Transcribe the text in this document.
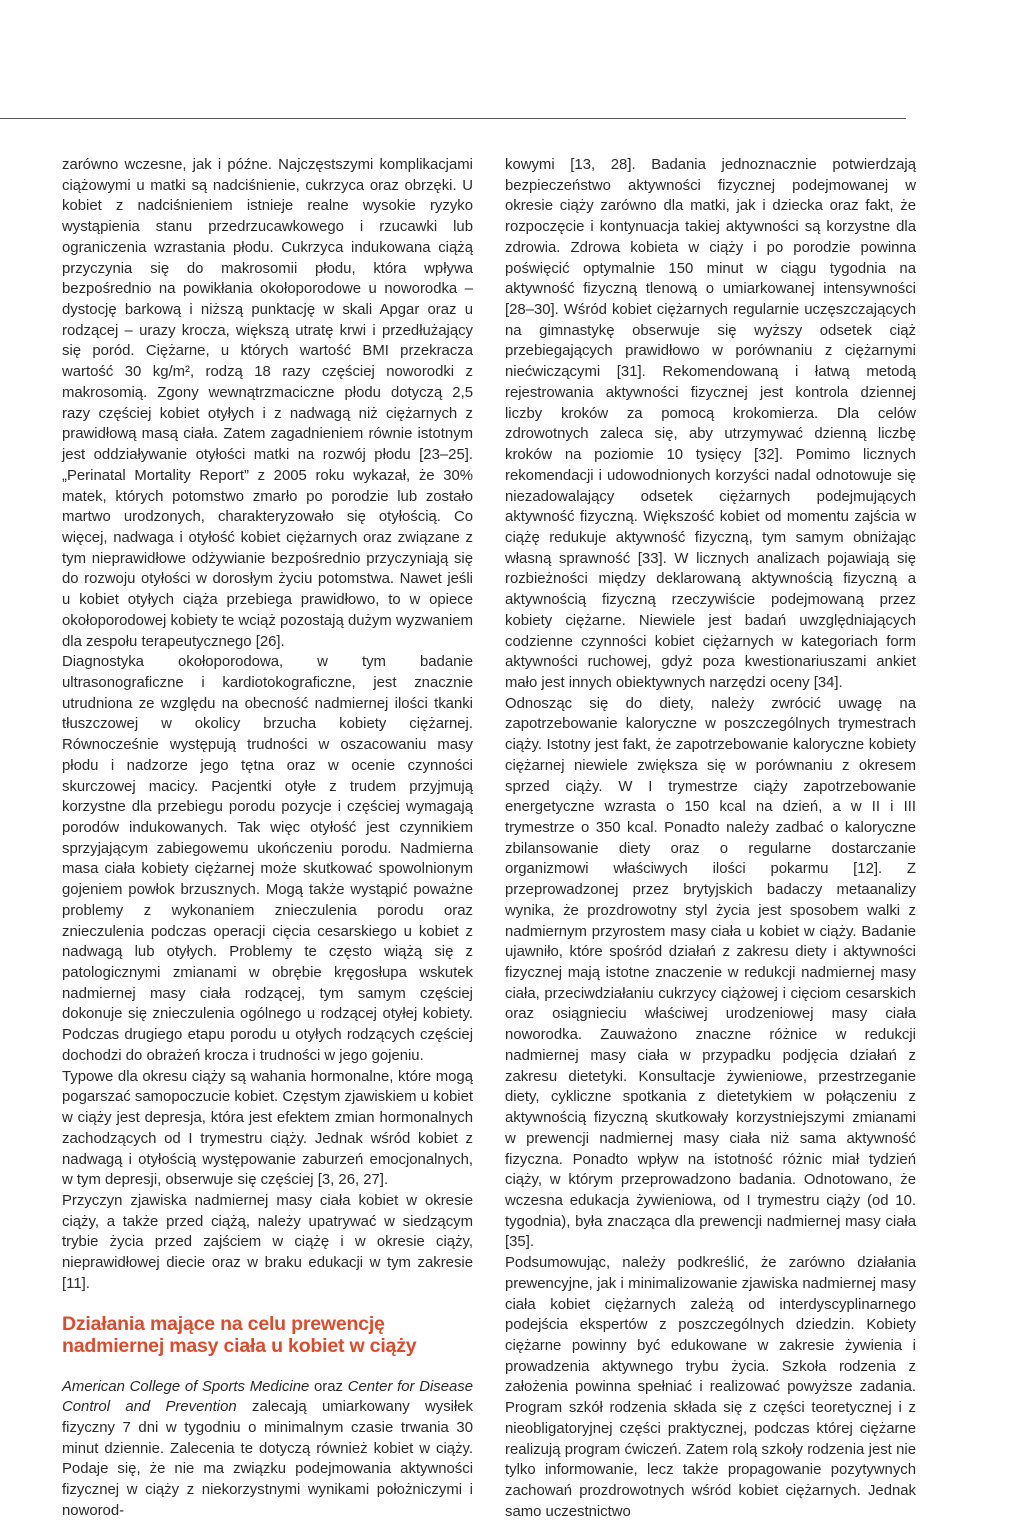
zarówno wczesne, jak i późne. Najczęstszymi komplikacjami ciążowymi u matki są nadciśnienie, cukrzyca oraz obrzęki. U kobiet z nadciśnieniem istnieje realne wysokie ryzyko wystąpienia stanu przedrzucawkowego i rzucawki lub ograniczenia wzrastania płodu. Cukrzyca indukowana ciążą przyczynia się do makrosomii płodu, która wpływa bezpośrednio na powikłania okołoporodowe u noworodka – dystocję barkową i niższą punktację w skali Apgar oraz u rodzącej – urazy krocza, większą utratę krwi i przedłużający się poród. Ciężarne, u których wartość BMI przekracza wartość 30 kg/m², rodzą 18 razy częściej noworodki z makrosomią. Zgony wewnątrzmaciczne płodu dotyczą 2,5 razy częściej kobiet otyłych i z nadwagą niż ciężarnych z prawidłową masą ciała. Zatem zagadnieniem równie istotnym jest oddziaływanie otyłości matki na rozwój płodu [23–25]. „Perinatal Mortality Report” z 2005 roku wykazał, że 30% matek, których potomstwo zmarło po porodzie lub zostało martwo urodzonych, charakteryzowało się otyłością. Co więcej, nadwaga i otyłość kobiet ciężarnych oraz związane z tym nieprawidłowe odżywianie bezpośrednio przyczyniają się do rozwoju otyłości w dorosłym życiu potomstwa. Nawet jeśli u kobiet otyłych ciąża przebiega prawidłowo, to w opiece okołoporodowej kobiety te wciąż pozostają dużym wyzwaniem dla zespołu terapeutycznego [26].

Diagnostyka okołoporodowa, w tym badanie ultrasonograficzne i kardiotokograficzne, jest znacznie utrudniona ze względu na obecność nadmiernej ilości tkanki tłuszczowej w okolicy brzucha kobiety ciężarnej. Równocześnie występują trudności w oszacowaniu masy płodu i nadzorze jego tętna oraz w ocenie czynności skurczowej macicy. Pacjentki otyłe z trudem przyjmują korzystne dla przebiegu porodu pozycje i częściej wymagają porodów indukowanych. Tak więc otyłość jest czynnikiem sprzyjającym zabiegowemu ukończeniu porodu. Nadmierna masa ciała kobiety ciężarnej może skutkować spowolnionym gojeniem powłok brzusznych. Mogą także wystąpić poważne problemy z wykonaniem znieczulenia porodu oraz znieczulenia podczas operacji cięcia cesarskiego u kobiet z nadwagą lub otyłych. Problemy te często wiążą się z patologicznymi zmianami w obrębie kręgosłupa wskutek nadmiernej masy ciała rodzącej, tym samym częściej dokonuje się znieczulenia ogólnego u rodzącej otyłej kobiety. Podczas drugiego etapu porodu u otyłych rodzących częściej dochodzi do obrażeń krocza i trudności w jego gojeniu.

Typowe dla okresu ciąży są wahania hormonalne, które mogą pogarszać samopoczucie kobiet. Częstym zjawiskiem u kobiet w ciąży jest depresja, która jest efektem zmian hormonalnych zachodzących od I trymestru ciąży. Jednak wśród kobiet z nadwagą i otyłością występowanie zaburzeń emocjonalnych, w tym depresji, obserwuje się częściej [3, 26, 27].

Przyczyn zjawiska nadmiernej masy ciała kobiet w okresie ciąży, a także przed ciążą, należy upatrywać w siedzącym trybie życia przed zajściem w ciążę i w okresie ciąży, nieprawidłowej diecie oraz w braku edukacji w tym zakresie [11].

Działania mające na celu prewencję nadmiernej masy ciała u kobiet w ciąży

American College of Sports Medicine oraz Center for Disease Control and Prevention zalecają umiarkowany wysiłek fizyczny 7 dni w tygodniu o minimalnym czasie trwania 30 minut dziennie. Zalecenia te dotyczą również kobiet w ciąży. Podaje się, że nie ma związku podejmowania aktywności fizycznej w ciąży z niekorzystnymi wynikami położniczymi i noworod-

kowymi [13, 28]. Badania jednoznacznie potwierdzają bezpieczeństwo aktywności fizycznej podejmowanej w okresie ciąży zarówno dla matki, jak i dziecka oraz fakt, że rozpoczęcie i kontynuacja takiej aktywności są korzystne dla zdrowia. Zdrowa kobieta w ciąży i po porodzie powinna poświęcić optymalnie 150 minut w ciągu tygodnia na aktywność fizyczną tlenową o umiarkowanej intensywności [28–30]. Wśród kobiet ciężarnych regularnie uczęszczających na gimnastykę obserwuje się wyższy odsetek ciąż przebiegających prawidłowo w porównaniu z ciężarnymi niećwiczącymi [31]. Rekomendowaną i łatwą metodą rejestrowania aktywności fizycznej jest kontrola dziennej liczby kroków za pomocą krokomierza. Dla celów zdrowotnych zaleca się, aby utrzymywać dzienną liczbę kroków na poziomie 10 tysięcy [32]. Pomimo licznych rekomendacji i udowodnionych korzyści nadal odnotowuje się niezadowalający odsetek ciężarnych podejmujących aktywność fizyczną. Większość kobiet od momentu zajścia w ciążę redukuje aktywność fizyczną, tym samym obniżając własną sprawność [33]. W licznych analizach pojawiają się rozbieżności między deklarowaną aktywnością fizyczną a aktywnością fizyczną rzeczywiście podejmowaną przez kobiety ciężarne. Niewiele jest badań uwzględniających codzienne czynności kobiet ciężarnych w kategoriach form aktywności ruchowej, gdyż poza kwestionariuszami ankiet mało jest innych obiektywnych narzędzi oceny [34].

Odnosząc się do diety, należy zwrócić uwagę na zapotrzebowanie kaloryczne w poszczególnych trymestrach ciąży. Istotny jest fakt, że zapotrzebowanie kaloryczne kobiety ciężarnej niewiele zwiększa się w porównaniu z okresem sprzed ciąży. W I trymestrze ciąży zapotrzebowanie energetyczne wzrasta o 150 kcal na dzień, a w II i III trymestrze o 350 kcal. Ponadto należy zadbać o kaloryczne zbilansowanie diety oraz o regularne dostarczanie organizmowi właściwych ilości pokarmu [12]. Z przeprowadzonej przez brytyjskich badaczy metaanalizy wynika, że prozdrowotny styl życia jest sposobem walki z nadmiernym przyrostem masy ciała u kobiet w ciąży. Badanie ujawniło, które spośród działań z zakresu diety i aktywności fizycznej mają istotne znaczenie w redukcji nadmiernej masy ciała, przeciwdziałaniu cukrzycy ciążowej i cięciom cesarskich oraz osiągnieciu właściwej urodzeniowej masy ciała noworodka. Zauważono znaczne różnice w redukcji nadmiernej masy ciała w przypadku podjęcia działań z zakresu dietetyki. Konsultacje żywieniowe, przestrzeganie diety, cykliczne spotkania z dietetykiem w połączeniu z aktywnością fizyczną skutkowały korzystniejszymi zmianami w prewencji nadmiernej masy ciała niż sama aktywność fizyczna. Ponadto wpływ na istotność różnic miał tydzień ciąży, w którym przeprowadzono badania. Odnotowano, że wczesna edukacja żywieniowa, od I trymestru ciąży (od 10. tygodnia), była znacząca dla prewencji nadmiernej masy ciała [35].

Podsumowując, należy podkreślić, że zarówno działania prewencyjne, jak i minimalizowanie zjawiska nadmiernej masy ciała kobiet ciężarnych zależą od interdyscyplinarnego podejścia ekspertów z poszczególnych dziedzin. Kobiety ciężarne powinny być edukowane w zakresie żywienia i prowadzenia aktywnego trybu życia. Szkoła rodzenia z założenia powinna spełniać i realizować powyższe zadania. Program szkół rodzenia składa się z części teoretycznej i z nieobligatoryjnej części praktycznej, podczas której ciężarne realizują program ćwiczeń. Zatem rolą szkoły rodzenia jest nie tylko informowanie, lecz także propagowanie pozytywnych zachowań prozdrowotnych wśród kobiet ciężarnych. Jednak samo uczestnictwo
